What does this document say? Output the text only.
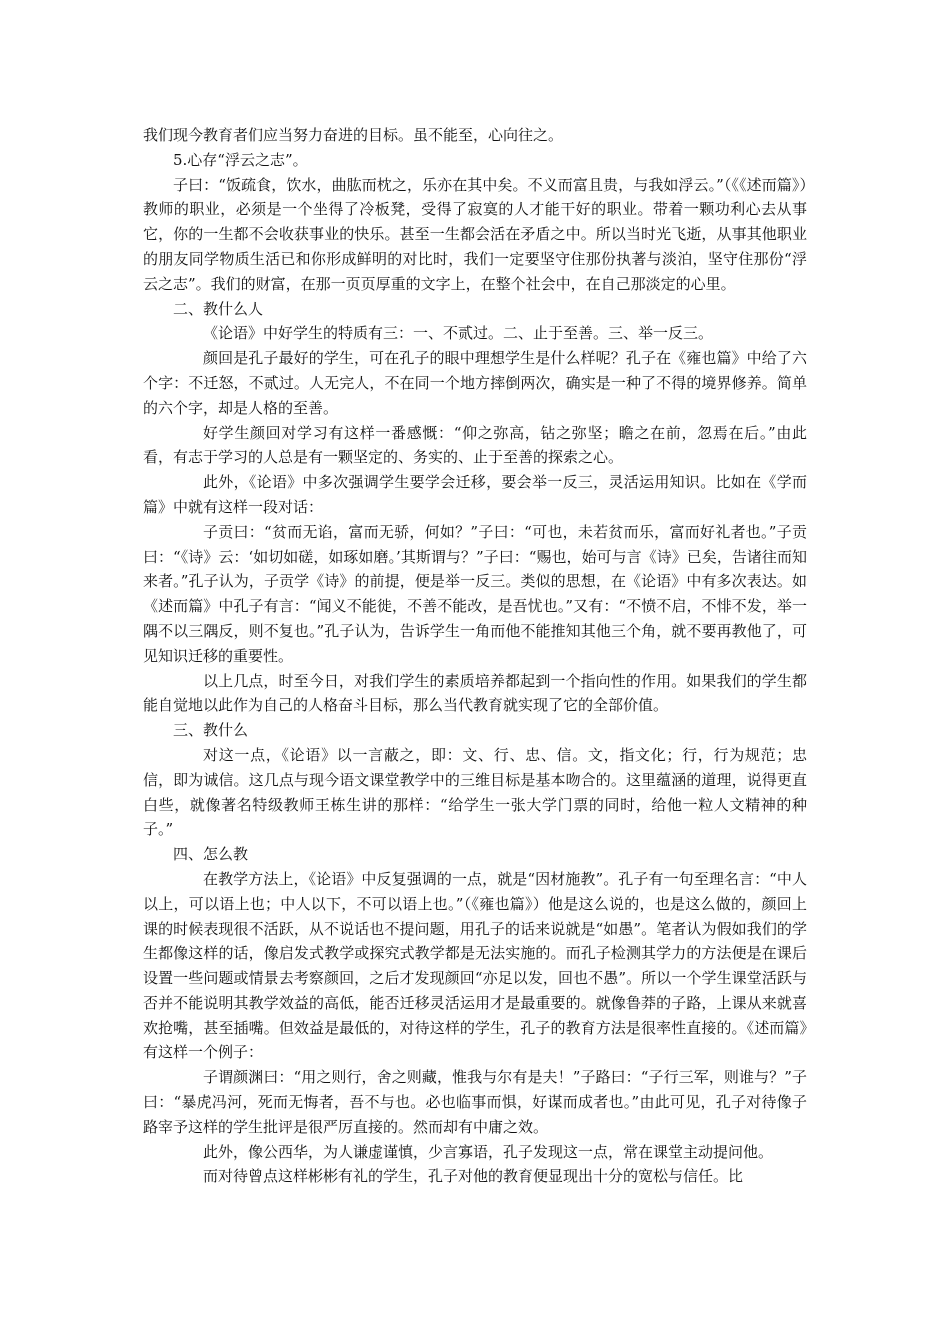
我们现今教育者们应当努力奋进的目标。虽不能至，心向往之。

5.心存“浮云之志”。

子曰：“饭疏食，饮水，曲肱而枕之，乐亦在其中矣。不义而富且贵，与我如浮云。”（《《述而篇》）教师的职业，必须是一个坐得了冷板凳，受得了寂寞的人才能干好的职业。带着一颗功利心去从事它，你的一生都不会收获事业的快乐。甚至一生都会活在矛盾之中。所以当时光飞逝，从事其他职业的朋友同学物质生活已和你形成鲜明的对比时，我们一定要坚守住那份执著与淡泊，坚守住那份“浮云之志”。我们的财富，在那一页页厚重的文字上，在整个社会中，在自己那淡定的心里。

二、教什么人

《论语》中好学生的特质有三：一、不贰过。二、止于至善。三、举一反三。

颜回是孔子最好的学生，可在孔子的眼中理想学生是什么样呢？孔子在《雍也篇》中给了六个字：不迁怒，不贰过。人无完人，不在同一个地方摔倒两次，确实是一种了不得的境界修养。简单的六个字，却是人格的至善。

好学生颜回对学习有这样一番感慨：“仰之弥高，钻之弥坚；瞻之在前，忽焉在后。”由此看，有志于学习的人总是有一颗坚定的、务实的、止于至善的探索之心。

此外，《论语》中多次强调学生要学会迁移，要会举一反三，灵活运用知识。比如在《学而篇》中就有这样一段对话：

子贡曰：“贫而无谄，富而无骄，何如？”子曰：“可也，未若贫而乐，富而好礼者也。”子贡曰：“《诗》云：‘如切如磋，如琢如磨。’其斯谓与？”子曰：“赐也，始可与言《诗》已矣，告诸往而知来者。”孔子认为，子贡学《诗》的前提，便是举一反三。类似的思想，在《论语》中有多次表达。如《述而篇》中孔子有言：“闻义不能徙，不善不能改，是吾忧也。”又有：“不愤不启，不悱不发，举一隅不以三隅反，则不复也。”孔子认为，告诉学生一角而他不能推知其他三个角，就不要再教他了，可见知识迁移的重要性。

以上几点，时至今日，对我们学生的素质培养都起到一个指向性的作用。如果我们的学生都能自觉地以此作为自己的人格奋斗目标，那么当代教育就实现了它的全部价值。

三、教什么

对这一点，《论语》以一言蔽之，即：文、行、忠、信。文，指文化；行，行为规范；忠信，即为诚信。这几点与现今语文课堂教学中的三维目标是基本吻合的。这里蕴涵的道理，说得更直白些，就像著名特级教师王栋生讲的那样：“给学生一张大学门票的同时，给他一粒人文精神的种子。”

四、怎么教

在教学方法上，《论语》中反复强调的一点，就是“因材施教”。孔子有一句至理名言：“中人以上，可以语上也；中人以下，不可以语上也。”（《雍也篇》）他是这么说的，也是这么做的，颜回上课的时候表现很不活跃，从不说话也不提问题，用孔子的话来说就是“如愚”。笔者认为假如我们的学生都像这样的话，像启发式教学或探究式教学都是无法实施的。而孔子检测其学力的方法便是在课后设置一些问题或情景去考察颜回，之后才发现颜回“亦足以发，回也不愚”。所以一个学生课堂活跃与否并不能说明其教学效益的高低，能否迁移灵活运用才是最重要的。就像鲁莽的子路，上课从来就喜欢抢嘴，甚至插嘴。但效益是最低的，对待这样的学生，孔子的教育方法是很率性直接的。《述而篇》有这样一个例子：

子谓颜渊曰：“用之则行，舍之则藏，惟我与尔有是夫！”子路曰：“子行三军，则谁与？”子曰：“暴虎冯河，死而无悔者，吾不与也。必也临事而惧，好谋而成者也。”由此可见，孔子对待像子路宰予这样的学生批评是很严厉直接的。然而却有中庸之效。

此外，像公西华，为人谦虚谨慎，少言寡语，孔子发现这一点，常在课堂主动提问他。

而对待曾点这样彬彬有礼的学生，孔子对他的教育便显现出十分的宽松与信任。比
